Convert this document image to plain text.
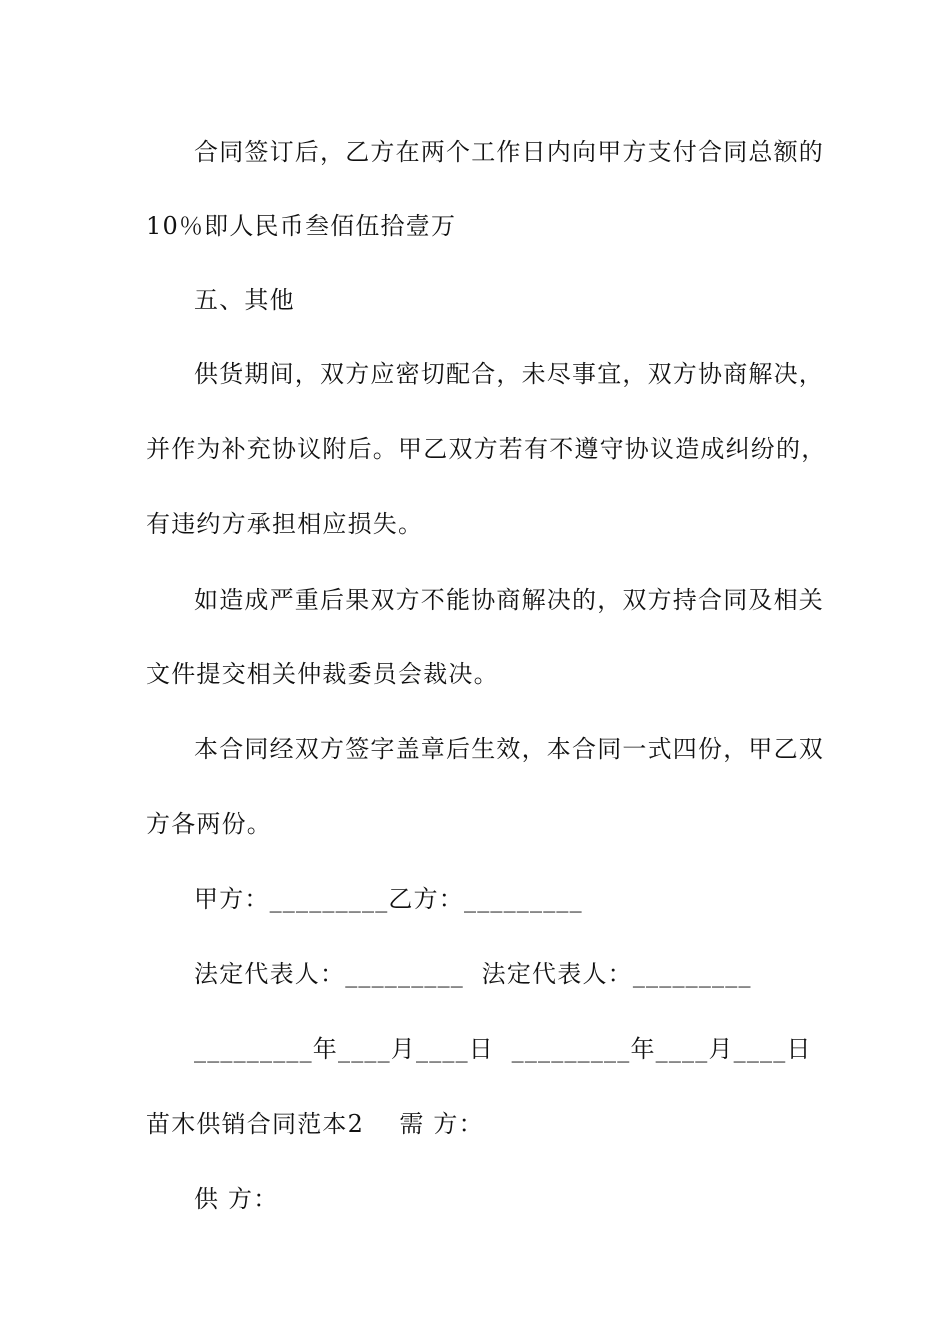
合同签订后，乙方在两个工作日内向甲方支付合同总额的
10％即人民币叁佰伍拾壹万
五、其他
供货期间，双方应密切配合，未尽事宜，双方协商解决，
并作为补充协议附后。甲乙双方若有不遵守协议造成纠纷的，
有违约方承担相应损失。
如造成严重后果双方不能协商解决的，双方持合同及相关
文件提交相关仲裁委员会裁决。
本合同经双方签字盖章后生效，本合同一式四份，甲乙双
方各两份。
甲方：_________乙方：_________
法定代表人：_________  法定代表人：_________
_________年____月____日  _________年____月____日
苗木供销合同范本2    需 方：
供 方：
